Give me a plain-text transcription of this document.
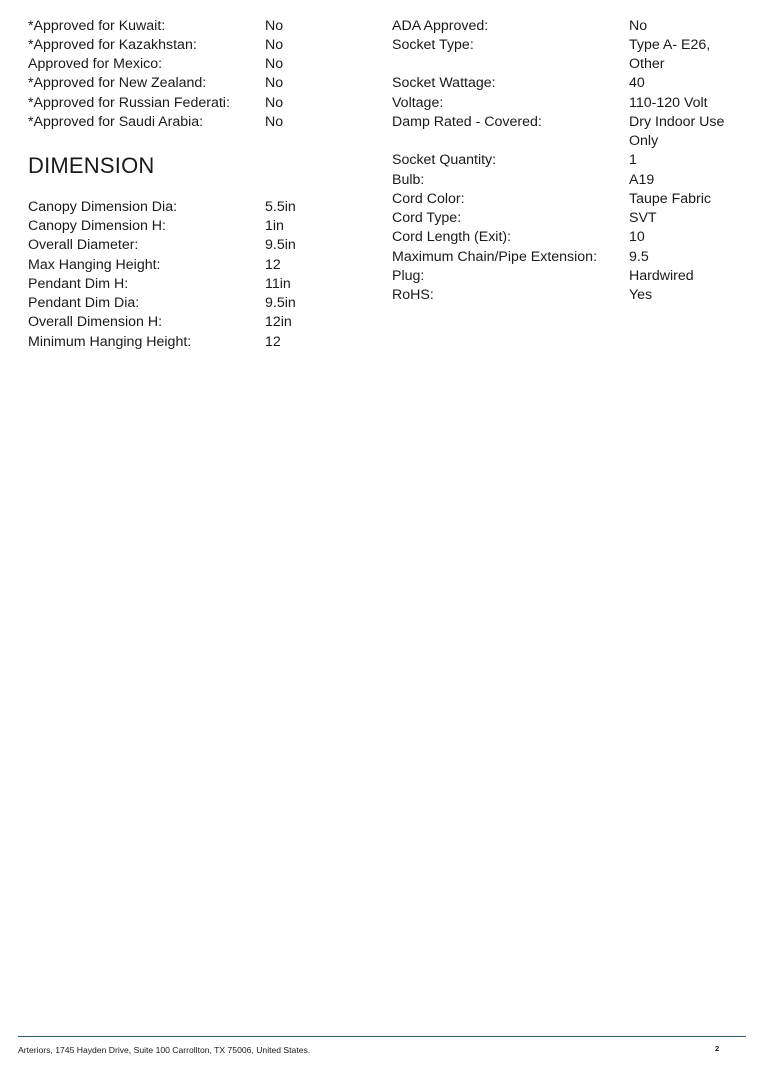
*Approved for Kuwait:	No
*Approved for Kazakhstan:	No
Approved for Mexico:	No
*Approved for New Zealand:	No
*Approved for Russian Federati: No
*Approved for Saudi Arabia:	No
DIMENSION
Canopy Dimension Dia:	5.5in
Canopy Dimension H:	1in
Overall Diameter:	9.5in
Max Hanging Height:	12
Pendant Dim H:	11in
Pendant Dim Dia:	9.5in
Overall Dimension H:	12in
Minimum Hanging Height:	12
ADA Approved:	No
Socket Type:	Type A- E26,
Other
Socket Wattage:	40
Voltage:	110-120 Volt
Damp Rated - Covered:	Dry Indoor Use
Only
Socket Quantity:	1
Bulb:	A19
Cord Color:	Taupe Fabric
Cord Type:	SVT
Cord Length (Exit):	10
Maximum Chain/Pipe Extension: 9.5
Plug:	Hardwired
RoHS:	Yes
Arteriors, 1745 Hayden Drive, Suite 100 Carrollton, TX 75006, United States.	2
